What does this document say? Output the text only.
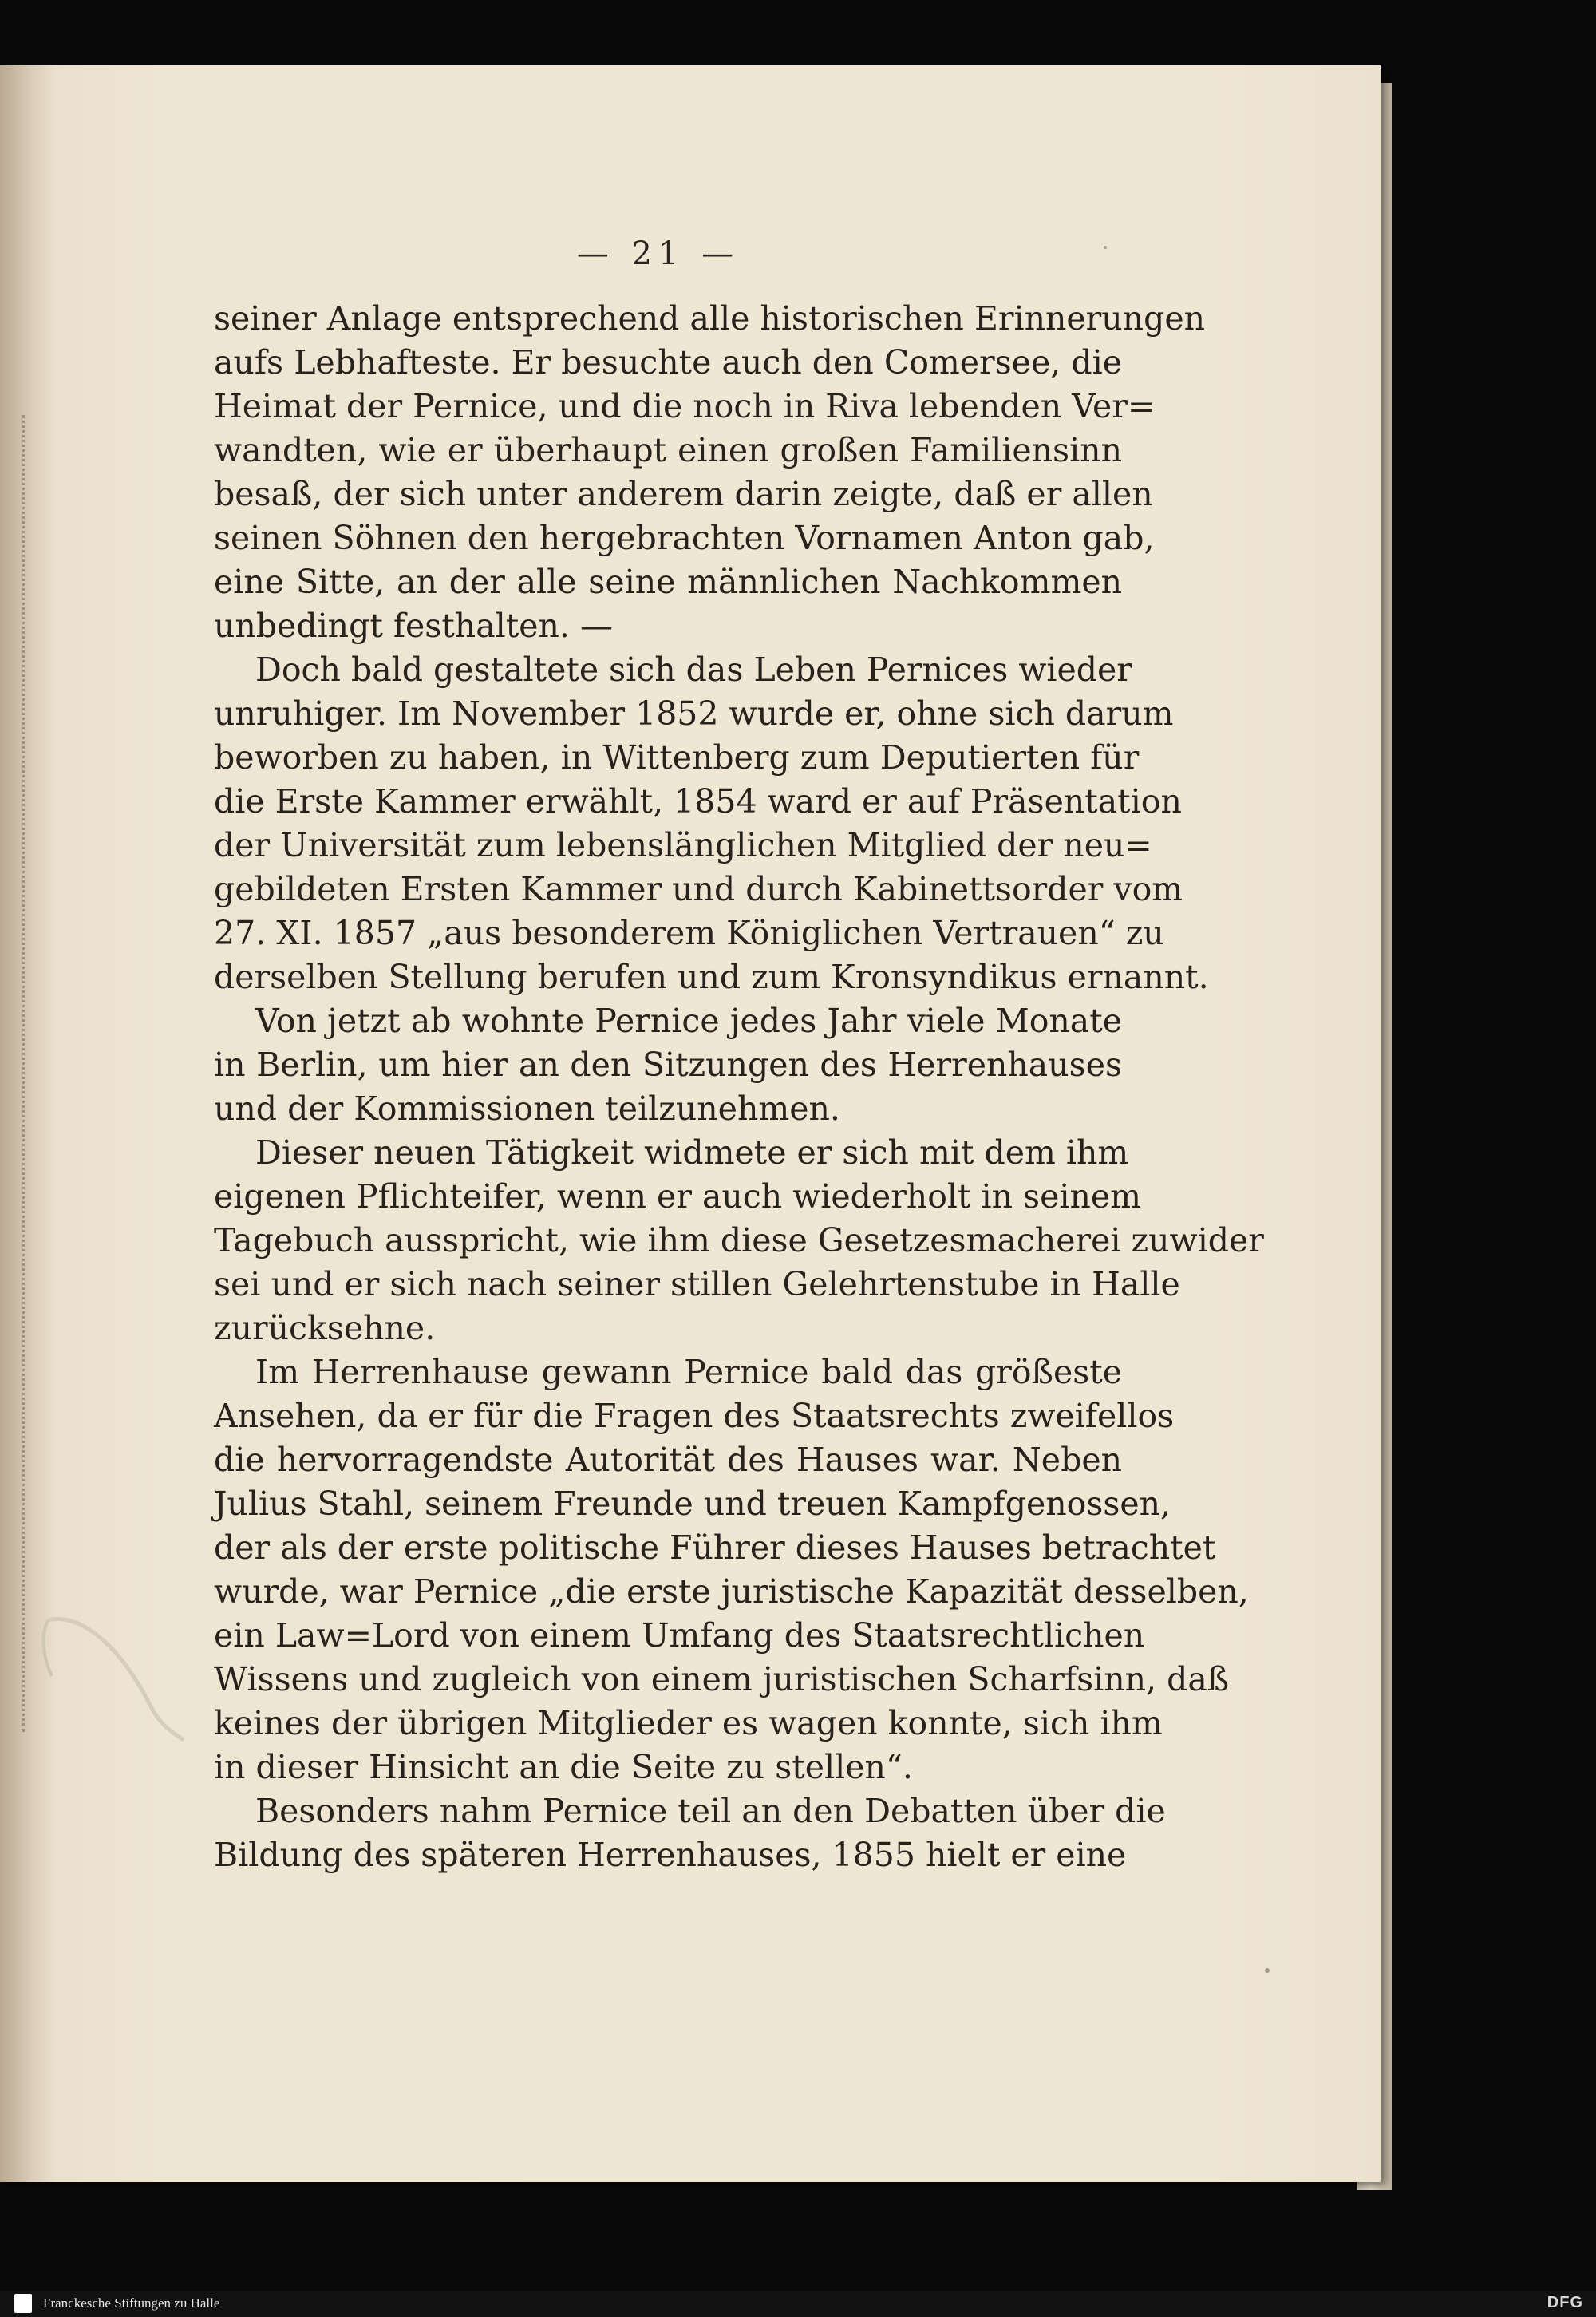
— 21 —
seiner Anlage entsprechend alle historischen Erinnerungen
aufs Lebhafteste. Er besuchte auch den Comersee, die
Heimat der Pernice, und die noch in Riva lebenden Ver=
wandten, wie er überhaupt einen großen Familiensinn
besaß, der sich unter anderem darin zeigte, daß er allen
seinen Söhnen den hergebrachten Vornamen Anton gab,
eine Sitte, an der alle seine männlichen Nachkommen
unbedingt festhalten. —
Doch bald gestaltete sich das Leben Pernices wieder
unruhiger. Im November 1852 wurde er, ohne sich darum
beworben zu haben, in Wittenberg zum Deputierten für
die Erste Kammer erwählt, 1854 ward er auf Präsentation
der Universität zum lebenslänglichen Mitglied der neu=
gebildeten Ersten Kammer und durch Kabinettsorder vom
27. XI. 1857 „aus besonderem Königlichen Vertrauen“ zu
derselben Stellung berufen und zum Kronsyndikus ernannt.
Von jetzt ab wohnte Pernice jedes Jahr viele Monate
in Berlin, um hier an den Sitzungen des Herrenhauses
und der Kommissionen teilzunehmen.
Dieser neuen Tätigkeit widmete er sich mit dem ihm
eigenen Pflichteifer, wenn er auch wiederholt in seinem
Tagebuch ausspricht, wie ihm diese Gesetzesmacherei zuwider
sei und er sich nach seiner stillen Gelehrtenstube in Halle
zurücksehne.
Im Herrenhause gewann Pernice bald das größeste
Ansehen, da er für die Fragen des Staatsrechts zweifellos
die hervorragendste Autorität des Hauses war. Neben
Julius Stahl, seinem Freunde und treuen Kampfgenossen,
der als der erste politische Führer dieses Hauses betrachtet
wurde, war Pernice „die erste juristische Kapazität desselben,
ein Law=Lord von einem Umfang des Staatsrechtlichen
Wissens und zugleich von einem juristischen Scharfsinn, daß
keines der übrigen Mitglieder es wagen konnte, sich ihm
in dieser Hinsicht an die Seite zu stellen“.
Besonders nahm Pernice teil an den Debatten über die
Bildung des späteren Herrenhauses, 1855 hielt er eine
Franckesche Stiftungen zu Halle	DFG
